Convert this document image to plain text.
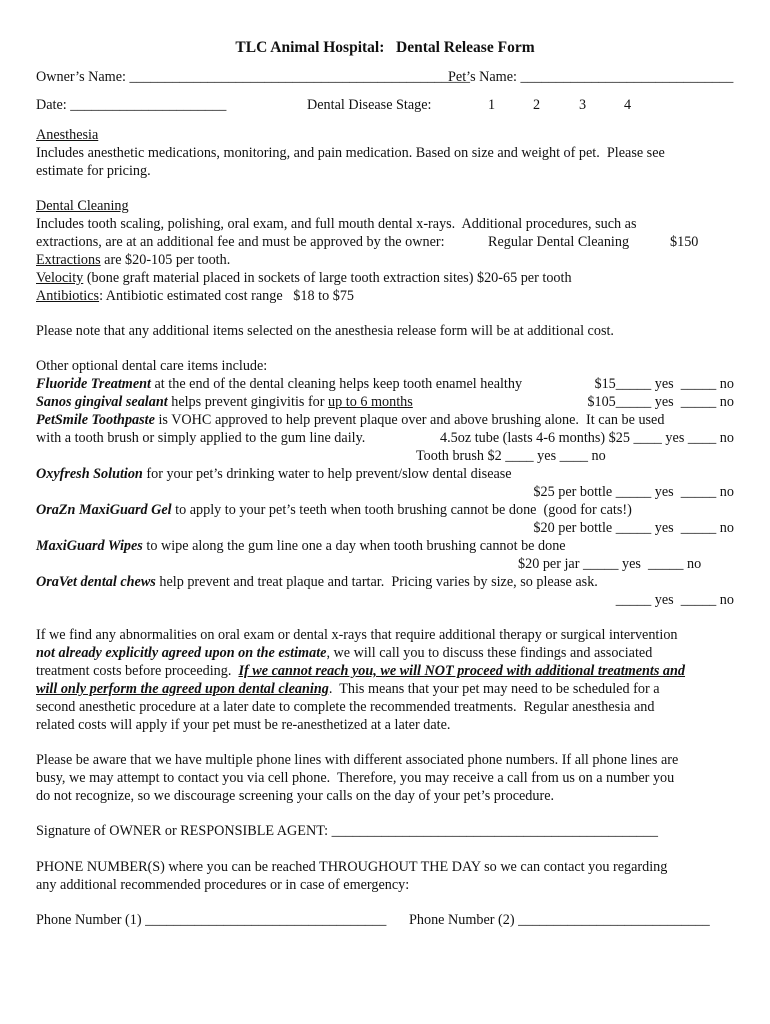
TLC Animal Hospital:   Dental Release Form
Owner’s Name: ________________________________________________
Pet’s Name: ______________________________
Date: ______________________	Dental Disease Stage:	1	2	3	4
Anesthesia
Includes anesthetic medications, monitoring, and pain medication. Based on size and weight of pet.  Please see
estimate for pricing.
Dental Cleaning
Includes tooth scaling, polishing, oral exam, and full mouth dental x-rays.  Additional procedures, such as
extractions, are at an additional fee and must be approved by the owner:	Regular Dental Cleaning	$150
Extractions are $20-105 per tooth.
Velocity (bone graft material placed in sockets of large tooth extraction sites) $20-65 per tooth
Antibiotics: Antibiotic estimated cost range   $18 to $75
Please note that any additional items selected on the anesthesia release form will be at additional cost.
Other optional dental care items include:
Fluoride Treatment at the end of the dental cleaning helps keep tooth enamel healthy	$15_____ yes  _____ no
Sanos gingival sealant helps prevent gingivitis for up to 6 months	$105_____ yes  _____ no
PetSmile Toothpaste is VOHC approved to help prevent plaque over and above brushing alone.  It can be used
with a tooth brush or simply applied to the gum line daily.	4.5oz tube (lasts 4-6 months) $25 ____ yes ____ no
Tooth brush $2 ____ yes ____ no
Oxyfresh Solution for your pet’s drinking water to help prevent/slow dental disease
$25 per bottle _____ yes  _____ no
OraZn MaxiGuard Gel to apply to your pet’s teeth when tooth brushing cannot be done  (good for cats!)
$20 per bottle _____ yes  _____ no
MaxiGuard Wipes to wipe along the gum line one a day when tooth brushing cannot be done
$20 per jar _____ yes  _____ no
OraVet dental chews help prevent and treat plaque and tartar.  Pricing varies by size, so please ask.
_____ yes  _____ no
If we find any abnormalities on oral exam or dental x-rays that require additional therapy or surgical intervention
not already explicitly agreed upon on the estimate, we will call you to discuss these findings and associated
treatment costs before proceeding.  If we cannot reach you, we will NOT proceed with additional treatments and
will only perform the agreed upon dental cleaning.  This means that your pet may need to be scheduled for a
second anesthetic procedure at a later date to complete the recommended treatments.  Regular anesthesia and
related costs will apply if your pet must be re-anesthetized at a later date.
Please be aware that we have multiple phone lines with different associated phone numbers. If all phone lines are
busy, we may attempt to contact you via cell phone.  Therefore, you may receive a call from us on a number you
do not recognize, so we discourage screening your calls on the day of your pet’s procedure.
Signature of OWNER or RESPONSIBLE AGENT: ______________________________________________
PHONE NUMBER(S) where you can be reached THROUGHOUT THE DAY so we can contact you regarding
any additional recommended procedures or in case of emergency:
Phone Number (1) __________________________________ Phone Number (2) ___________________________
